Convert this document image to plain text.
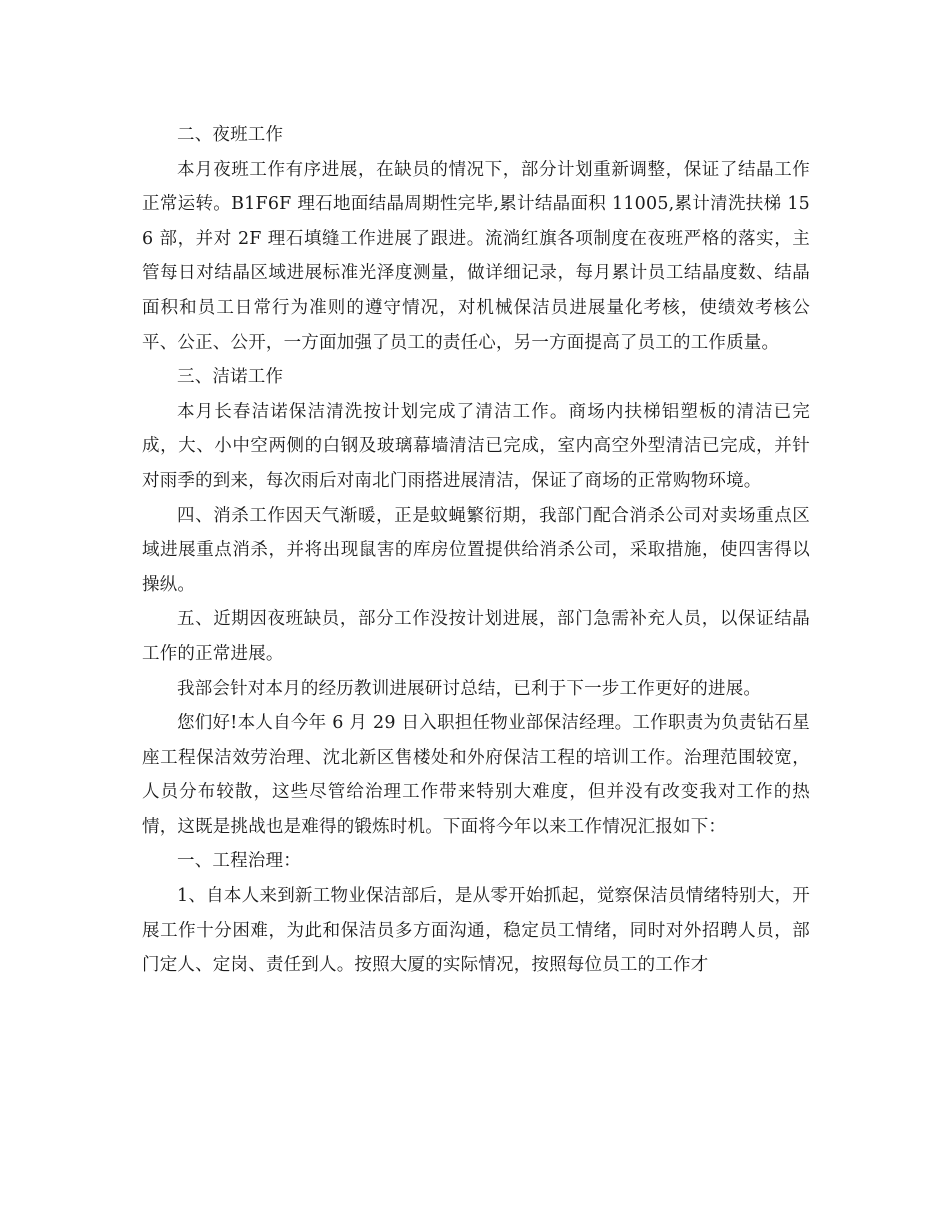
二、夜班工作

本月夜班工作有序进展，在缺员的情况下，部分计划重新调整，保证了结晶工作正常运转。B1F6F 理石地面结晶周期性完毕,累计结晶面积 11005,累计清洗扶梯 156 部，并对 2F 理石填缝工作进展了跟进。流淌红旗各项制度在夜班严格的落实，主管每日对结晶区域进展标准光泽度测量，做详细记录，每月累计员工结晶度数、结晶面积和员工日常行为准则的遵守情况，对机械保洁员进展量化考核，使绩效考核公平、公正、公开，一方面加强了员工的责任心，另一方面提高了员工的工作质量。

三、洁诺工作

本月长春洁诺保洁清洗按计划完成了清洁工作。商场内扶梯铝塑板的清洁已完成，大、小中空两侧的白钢及玻璃幕墙清洁已完成，室内高空外型清洁已完成，并针对雨季的到来，每次雨后对南北门雨搭进展清洁，保证了商场的正常购物环境。

四、消杀工作因天气渐暖，正是蚊蝇繁衍期，我部门配合消杀公司对卖场重点区域进展重点消杀，并将出现鼠害的库房位置提供给消杀公司，采取措施，使四害得以操纵。

五、近期因夜班缺员，部分工作没按计划进展，部门急需补充人员，以保证结晶工作的正常进展。

我部会针对本月的经历教训进展研讨总结，已利于下一步工作更好的进展。

您们好!本人自今年 6 月 29 日入职担任物业部保洁经理。工作职责为负责钻石星座工程保洁效劳治理、沈北新区售楼处和外府保洁工程的培训工作。治理范围较宽，人员分布较散，这些尽管给治理工作带来特别大难度，但并没有改变我对工作的热情，这既是挑战也是难得的锻炼时机。下面将今年以来工作情况汇报如下：

一、工程治理：

1、自本人来到新工物业保洁部后，是从零开始抓起，觉察保洁员情绪特别大，开展工作十分困难，为此和保洁员多方面沟通，稳定员工情绪，同时对外招聘人员，部门定人、定岗、责任到人。按照大厦的实际情况，按照每位员工的工作才
